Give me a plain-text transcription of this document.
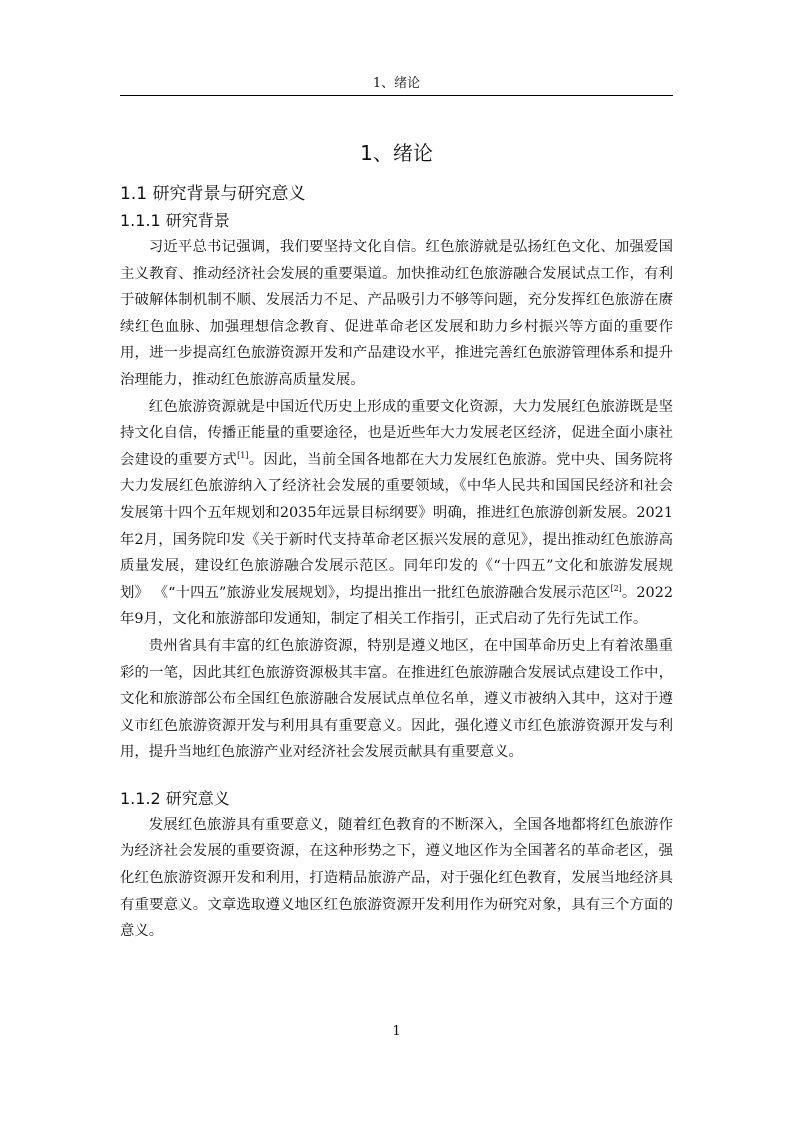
1、绪论
1、绪论
1.1 研究背景与研究意义
1.1.1 研究背景

习近平总书记强调，我们要坚持文化自信。红色旅游就是弘扬红色文化、加强爱国主义教育、推动经济社会发展的重要渠道。加快推动红色旅游融合发展试点工作，有利于破解体制机制不顺、发展活力不足、产品吸引力不够等问题，充分发挥红色旅游在赓续红色血脉、加强理想信念教育、促进革命老区发展和助力乡村振兴等方面的重要作用，进一步提高红色旅游资源开发和产品建设水平，推进完善红色旅游管理体系和提升治理能力，推动红色旅游高质量发展。

红色旅游资源就是中国近代历史上形成的重要文化资源，大力发展红色旅游既是坚持文化自信，传播正能量的重要途径，也是近些年大力发展老区经济，促进全面小康社会建设的重要方式[1]。因此，当前全国各地都在大力发展红色旅游。党中央、国务院将大力发展红色旅游纳入了经济社会发展的重要领域，《中华人民共和国国民经济和社会发展第十四个五年规划和2035年远景目标纲要》明确，推进红色旅游创新发展。2021年2月，国务院印发《关于新时代支持革命老区振兴发展的意见》，提出推动红色旅游高质量发展，建设红色旅游融合发展示范区。同年印发的《“十四五”文化和旅游发展规划》 《“十四五”旅游业发展规划》，均提出推出一批红色旅游融合发展示范区[2]。2022年9月，文化和旅游部印发通知，制定了相关工作指引，正式启动了先行先试工作。

贵州省具有丰富的红色旅游资源，特别是遵义地区，在中国革命历史上有着浓墨重彩的一笔，因此其红色旅游资源极其丰富。在推进红色旅游融合发展试点建设工作中，文化和旅游部公布全国红色旅游融合发展试点单位名单，遵义市被纳入其中，这对于遵义市红色旅游资源开发与利用具有重要意义。因此，强化遵义市红色旅游资源开发与利用，提升当地红色旅游产业对经济社会发展贡献具有重要意义。

1.1.2 研究意义

发展红色旅游具有重要意义，随着红色教育的不断深入，全国各地都将红色旅游作为经济社会发展的重要资源，在这种形势之下，遵义地区作为全国著名的革命老区，强化红色旅游资源开发和利用，打造精品旅游产品，对于强化红色教育，发展当地经济具有重要意义。文章选取遵义地区红色旅游资源开发利用作为研究对象，具有三个方面的意义。

1
